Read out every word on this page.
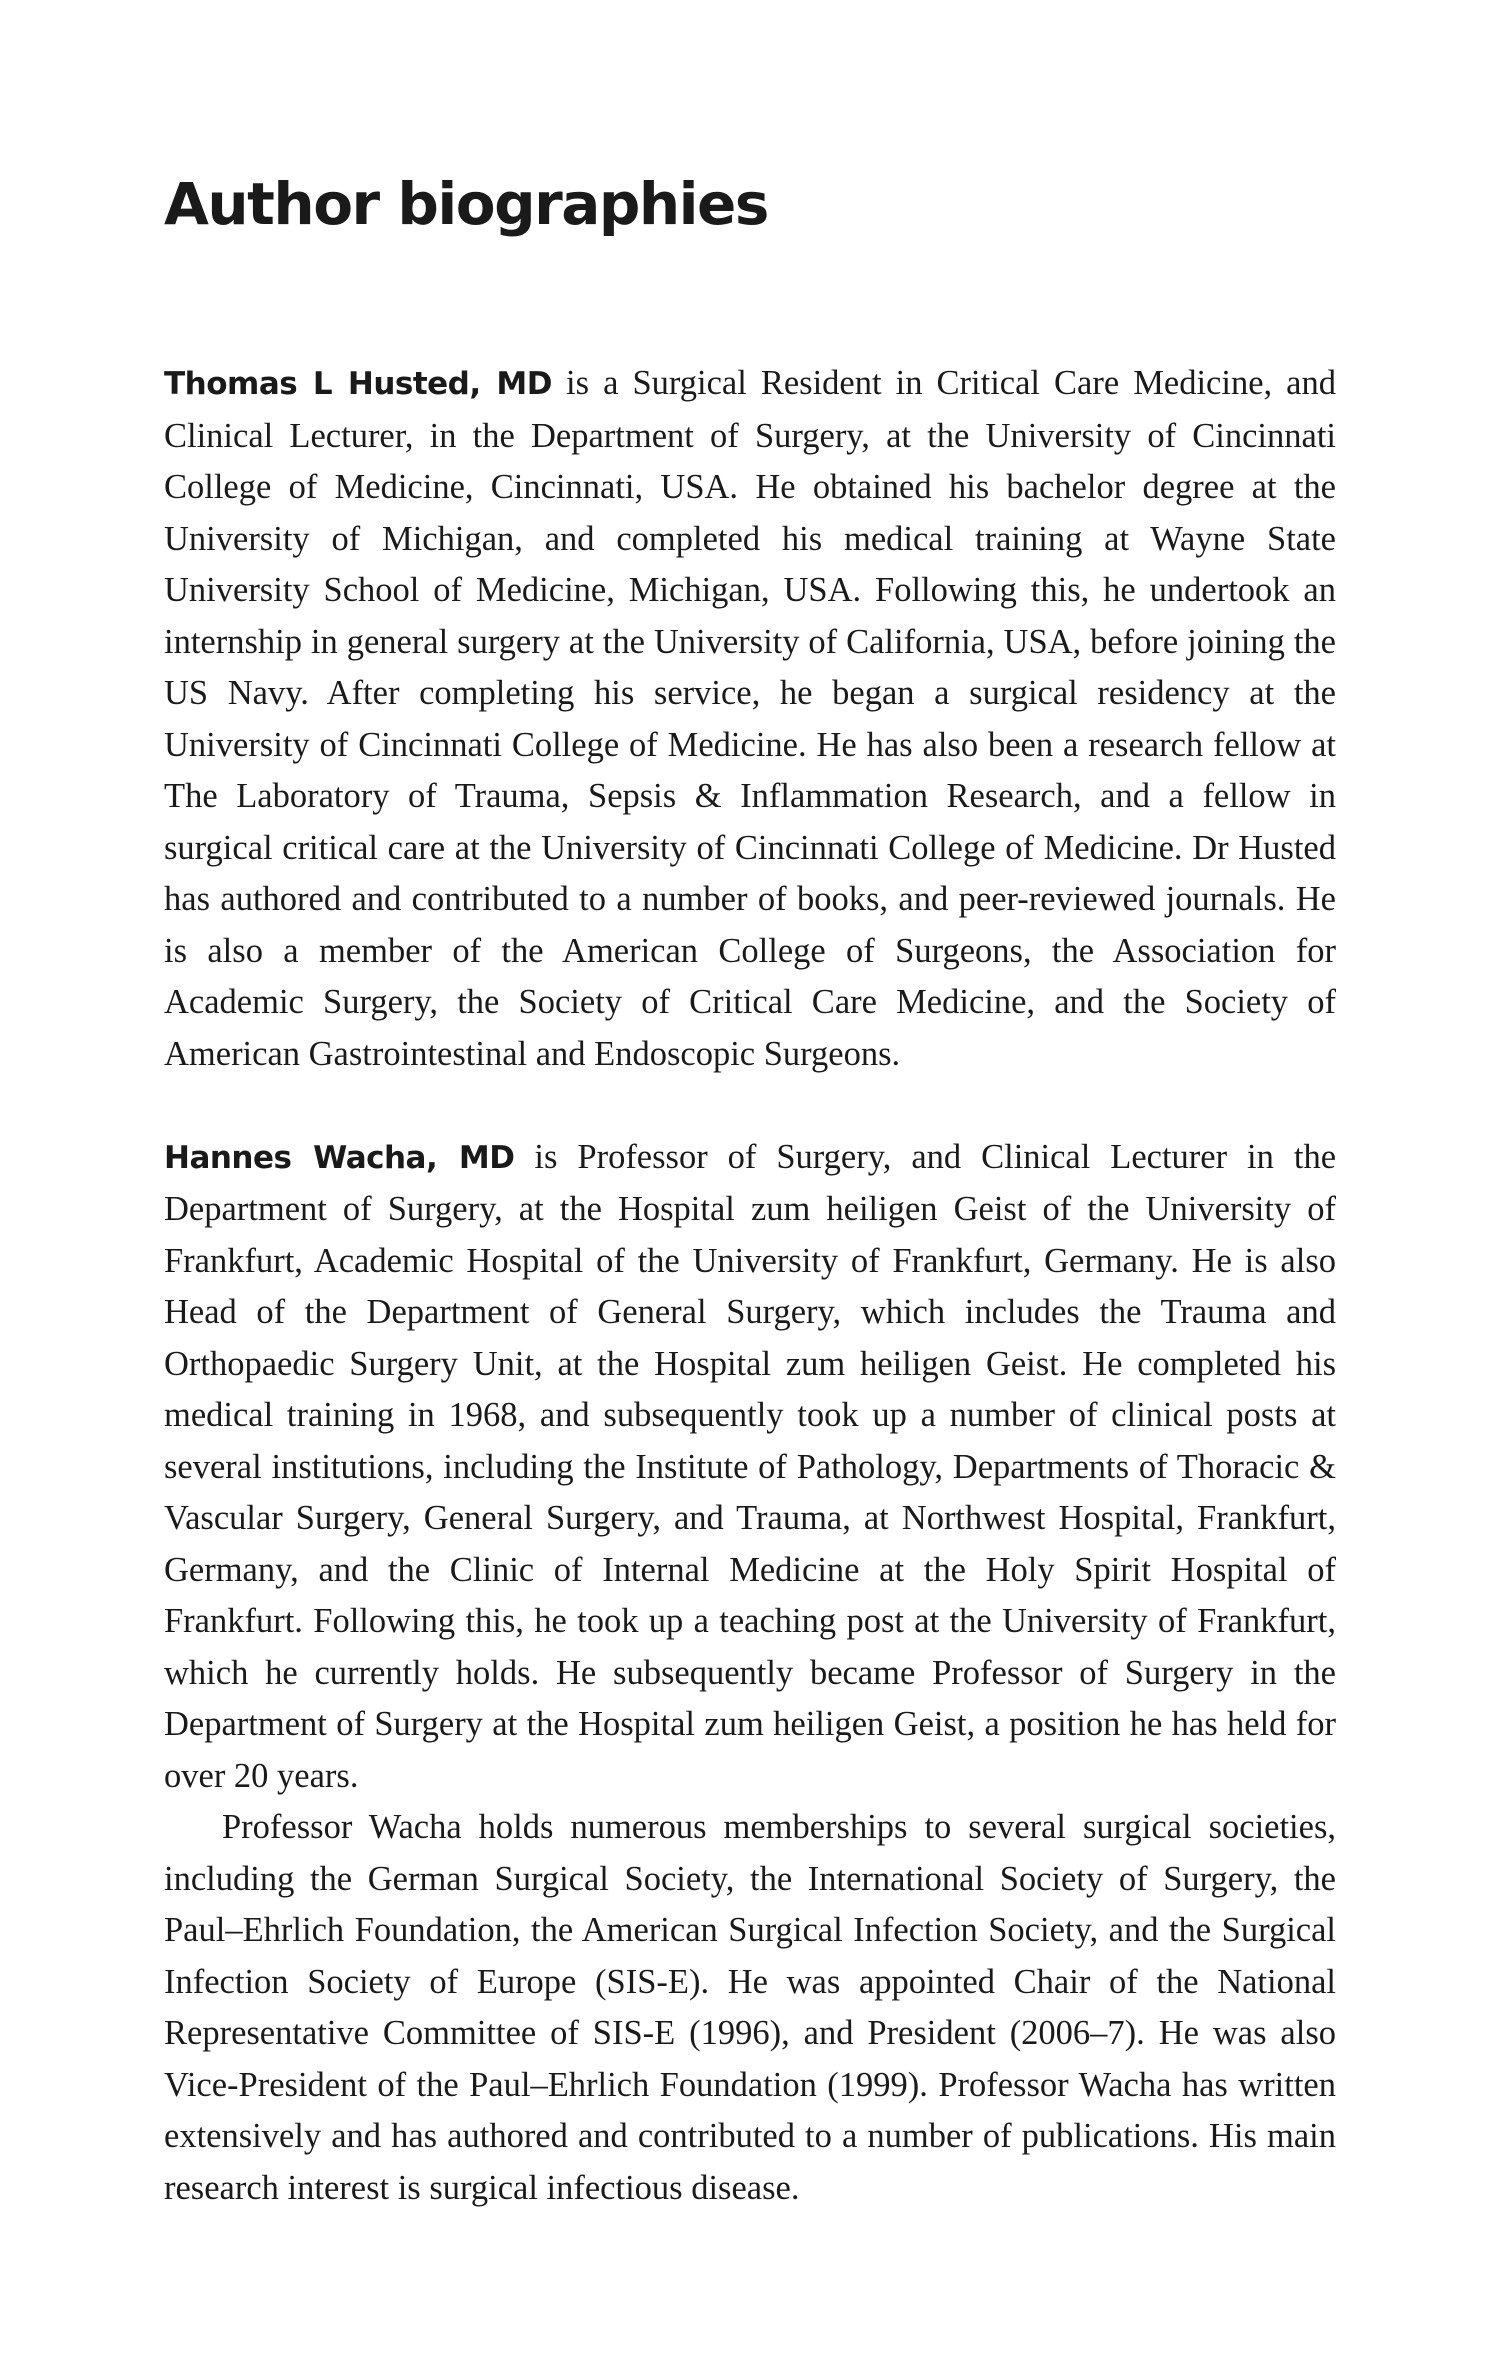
Author biographies

Thomas L Husted, MD is a Surgical Resident in Critical Care Medicine, and Clinical Lecturer, in the Department of Surgery, at the University of Cincinnati College of Medicine, Cincinnati, USA. He obtained his bachelor degree at the University of Michigan, and completed his medical training at Wayne State University School of Medicine, Michigan, USA. Following this, he undertook an internship in general surgery at the University of California, USA, before joining the US Navy. After completing his service, he began a surgical residency at the University of Cincinnati College of Medicine. He has also been a research fellow at The Laboratory of Trauma, Sepsis & Inflammation Research, and a fellow in surgical critical care at the University of Cincinnati College of Medicine. Dr Husted has authored and contributed to a number of books, and peer-reviewed journals. He is also a member of the American College of Surgeons, the Association for Academic Surgery, the Society of Critical Care Medicine, and the Society of American Gastrointestinal and Endoscopic Surgeons.

Hannes Wacha, MD is Professor of Surgery, and Clinical Lecturer in the Department of Surgery, at the Hospital zum heiligen Geist of the University of Frankfurt, Academic Hospital of the University of Frankfurt, Germany. He is also Head of the Department of General Surgery, which includes the Trauma and Orthopaedic Surgery Unit, at the Hospital zum heiligen Geist. He completed his medical training in 1968, and subsequently took up a number of clinical posts at several institutions, including the Institute of Pathology, Departments of Thoracic & Vascular Surgery, General Surgery, and Trauma, at Northwest Hospital, Frankfurt, Germany, and the Clinic of Internal Medicine at the Holy Spirit Hospital of Frankfurt. Following this, he took up a teaching post at the University of Frankfurt, which he currently holds. He subsequently became Professor of Surgery in the Department of Surgery at the Hospital zum heiligen Geist, a position he has held for over 20 years.

Professor Wacha holds numerous memberships to several surgical societies, including the German Surgical Society, the International Society of Surgery, the Paul–Ehrlich Foundation, the American Surgical Infection Society, and the Surgical Infection Society of Europe (SIS-E). He was appointed Chair of the National Representative Committee of SIS-E (1996), and President (2006–7). He was also Vice-President of the Paul–Ehrlich Foundation (1999). Professor Wacha has written extensively and has authored and contributed to a number of publications. His main research interest is surgical infectious disease.
